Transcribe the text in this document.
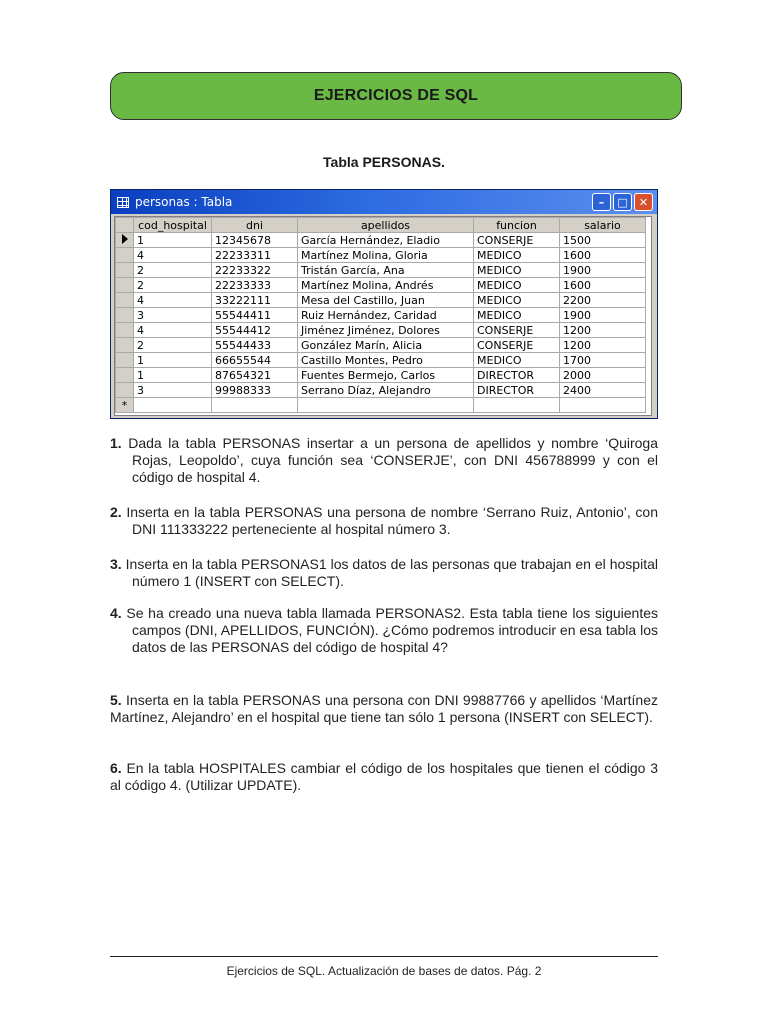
EJERCICIOS DE SQL
Tabla PERSONAS.
personas : Tabla	– □ ✕
	cod_hospital	dni	apellidos	funcion	salario
	1	12345678	García Hernández, Eladio	CONSERJE	1500
	4	22233311	Martínez Molina, Gloria	MEDICO	1600
	2	22233322	Tristán García, Ana	MEDICO	1900
	2	22233333	Martínez Molina, Andrés	MEDICO	1600
	4	33222111	Mesa del Castillo, Juan	MEDICO	2200
	3	55544411	Ruiz Hernández, Caridad	MEDICO	1900
	4	55544412	Jiménez Jiménez, Dolores	CONSERJE	1200
	2	55544433	González Marín, Alicia	CONSERJE	1200
	1	66655544	Castillo Montes, Pedro	MEDICO	1700
	1	87654321	Fuentes Bermejo, Carlos	DIRECTOR	2000
	3	99988333	Serrano Díaz, Alejandro	DIRECTOR	2400
*					
1. Dada la tabla PERSONAS insertar a un persona de apellidos y nombre ‘Quiroga Rojas, Leopoldo’, cuya función sea ‘CONSERJE’, con DNI 456788999 y con el código de hospital 4.
2. Inserta en la tabla PERSONAS una persona de nombre ‘Serrano Ruiz, Antonio’, con DNI 111333222 perteneciente al hospital número 3.
3. Inserta en la tabla PERSONAS1 los datos de las personas que trabajan en el hospital número 1 (INSERT con SELECT).
4. Se ha creado una nueva tabla llamada PERSONAS2. Esta tabla tiene los siguientes campos (DNI, APELLIDOS, FUNCIÓN). ¿Cómo podremos introducir en esa tabla los datos de las PERSONAS del código de hospital 4?
5. Inserta en la tabla PERSONAS una persona con DNI 99887766 y apellidos ‘Martínez Martínez, Alejandro’ en el hospital que tiene tan sólo 1 persona (INSERT con SELECT).
6. En la tabla HOSPITALES cambiar el código de los hospitales que tienen el código 3 al código 4. (Utilizar UPDATE).
Ejercicios de SQL. Actualización de bases de datos. Pág. 2
